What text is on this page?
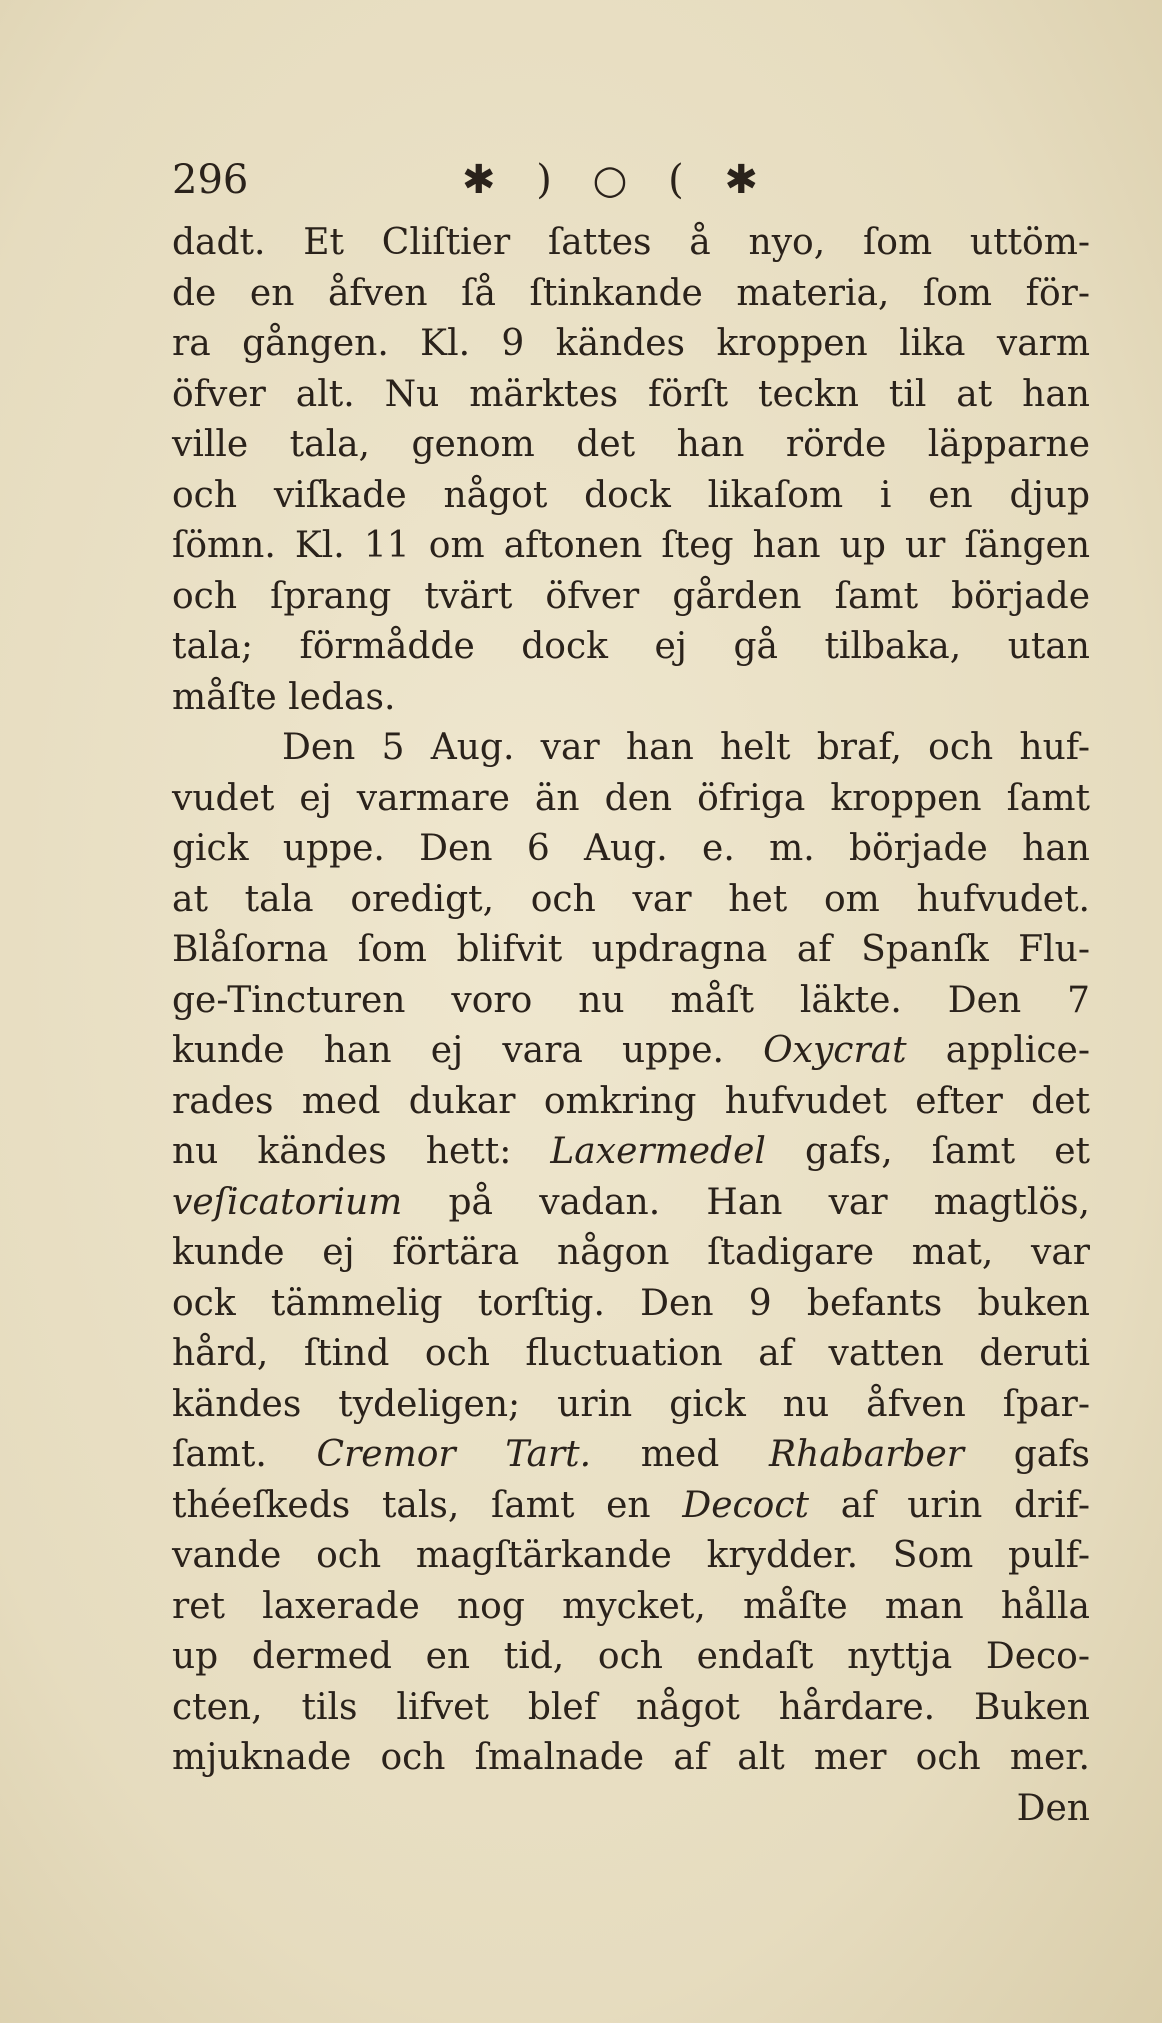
296	✱ ) ○ ( ✱
dadt. Et Cliſtier ſattes å nyo, ſom uttöm-
de en åfven ſå ſtinkande materia, ſom för-
ra gången. Kl. 9 kändes kroppen lika varm
öfver alt. Nu märktes förſt teckn til at han
ville tala, genom det han rörde läpparne
och viſkade något dock likaſom i en djup
ſömn. Kl. 11 om aftonen ſteg han up ur ſängen
och ſprang tvärt öfver gården ſamt började
tala; förmådde dock ej gå tilbaka, utan
måſte ledas.
Den 5 Aug. var han helt braf, och huf-
vudet ej varmare än den öfriga kroppen ſamt
gick uppe. Den 6 Aug. e. m. började han
at tala oredigt, och var het om hufvudet.
Blåſorna ſom blifvit updragna af Spanſk Flu-
ge-Tincturen voro nu måſt läkte. Den 7
kunde han ej vara uppe. Oxycrat applice-
rades med dukar omkring hufvudet efter det
nu kändes hett: Laxermedel gafs, ſamt et
veſicatorium på vadan. Han var magtlös,
kunde ej förtära någon ſtadigare mat, var
ock tämmelig torſtig. Den 9 befants buken
hård, ſtind och fluctuation af vatten deruti
kändes tydeligen; urin gick nu åfven ſpar-
ſamt. Cremor Tart. med Rhabarber gafs
théeſkeds tals, ſamt en Decoct af urin drif-
vande och magſtärkande krydder. Som pulf-
ret laxerade nog mycket, måſte man hålla
up dermed en tid, och endaſt nyttja Deco-
cten, tils lifvet blef något hårdare. Buken
mjuknade och ſmalnade af alt mer och mer.
Den
